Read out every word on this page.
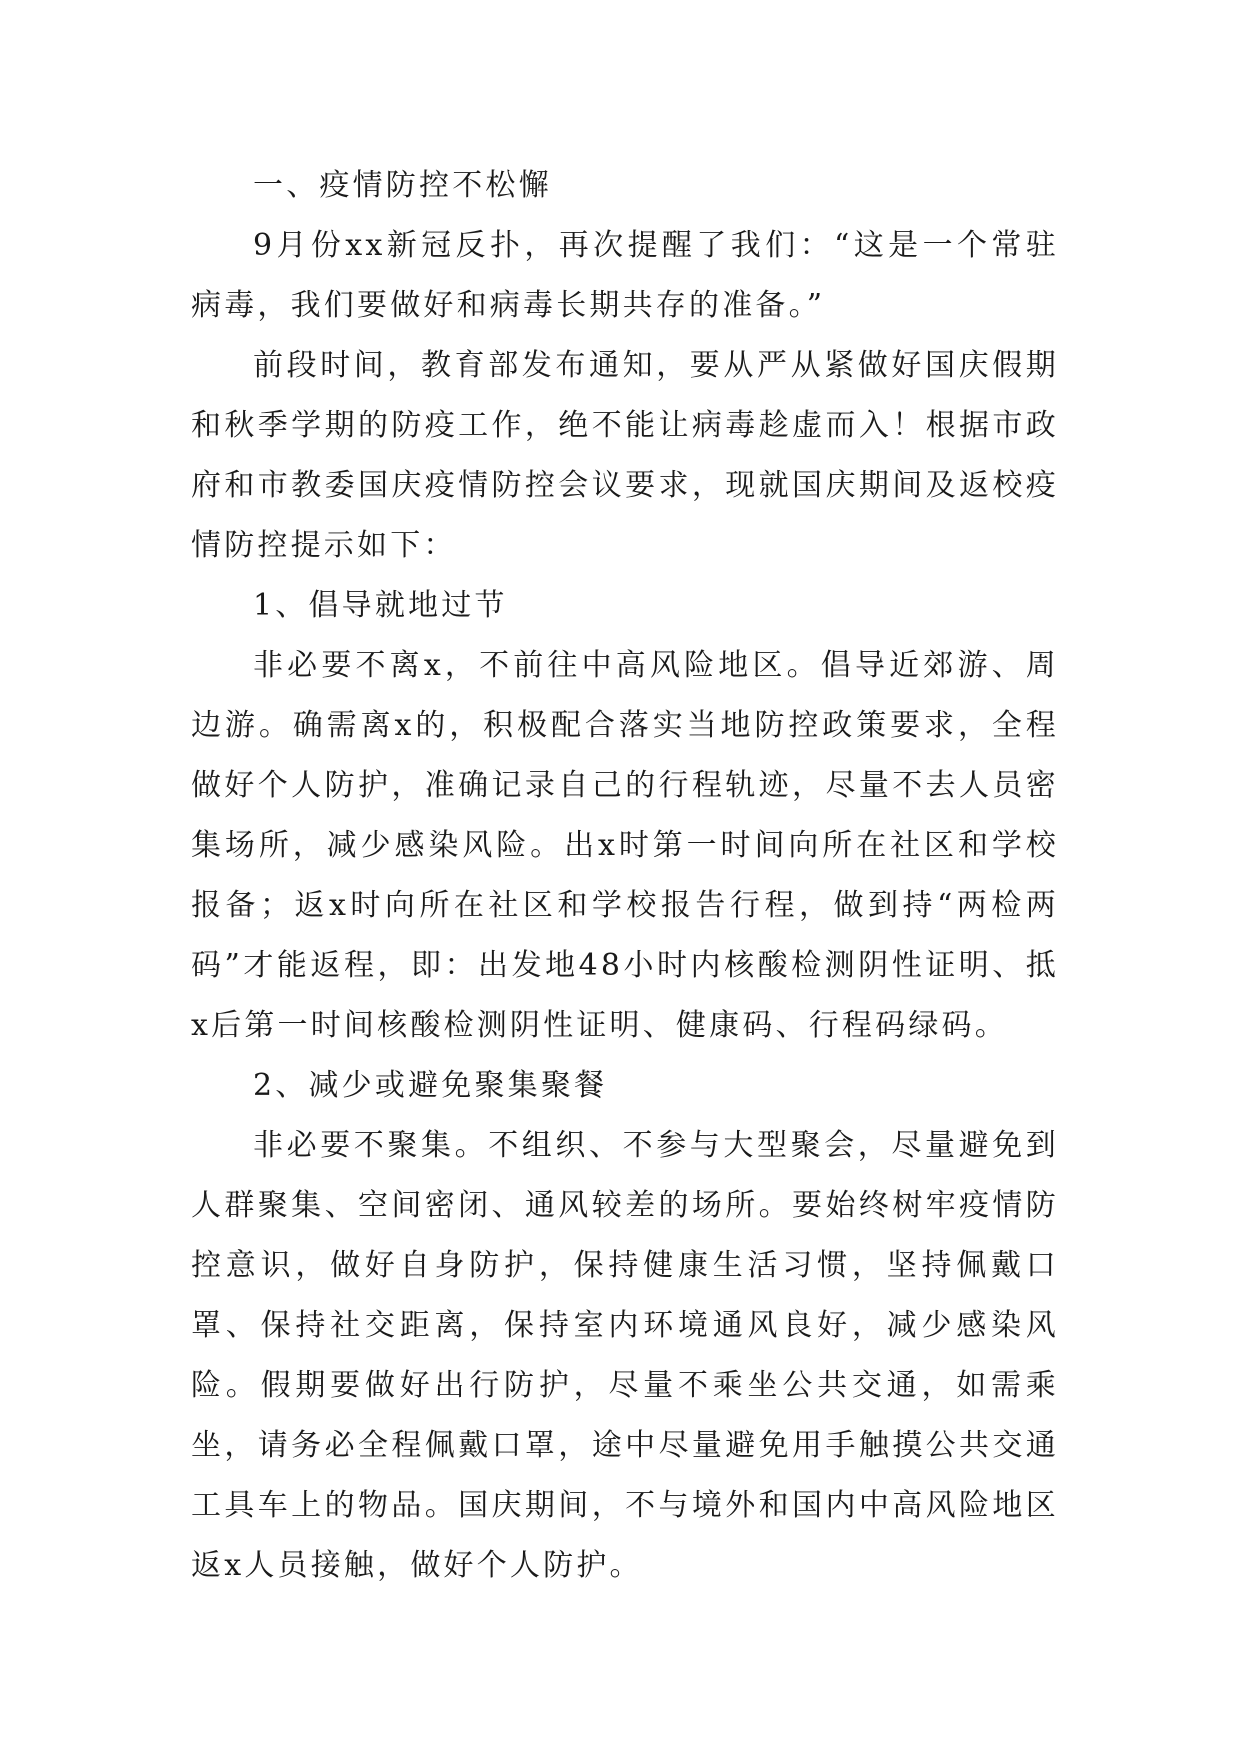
一、疫情防控不松懈

9月份xx新冠反扑，再次提醒了我们：“这是一个常驻病毒，我们要做好和病毒长期共存的准备。”

前段时间，教育部发布通知，要从严从紧做好国庆假期和秋季学期的防疫工作，绝不能让病毒趁虚而入！根据市政府和市教委国庆疫情防控会议要求，现就国庆期间及返校疫情防控提示如下：

1、倡导就地过节

非必要不离x，不前往中高风险地区。倡导近郊游、周边游。确需离x的，积极配合落实当地防控政策要求，全程做好个人防护，准确记录自己的行程轨迹，尽量不去人员密集场所，减少感染风险。出x时第一时间向所在社区和学校报备；返x时向所在社区和学校报告行程，做到持“两检两码”才能返程，即：出发地48小时内核酸检测阴性证明、抵x后第一时间核酸检测阴性证明、健康码、行程码绿码。

2、减少或避免聚集聚餐

非必要不聚集。不组织、不参与大型聚会，尽量避免到人群聚集、空间密闭、通风较差的场所。要始终树牢疫情防控意识，做好自身防护，保持健康生活习惯，坚持佩戴口罩、保持社交距离，保持室内环境通风良好，减少感染风险。假期要做好出行防护，尽量不乘坐公共交通，如需乘坐，请务必全程佩戴口罩，途中尽量避免用手触摸公共交通工具车上的物品。国庆期间，不与境外和国内中高风险地区返x人员接触，做好个人防护。
